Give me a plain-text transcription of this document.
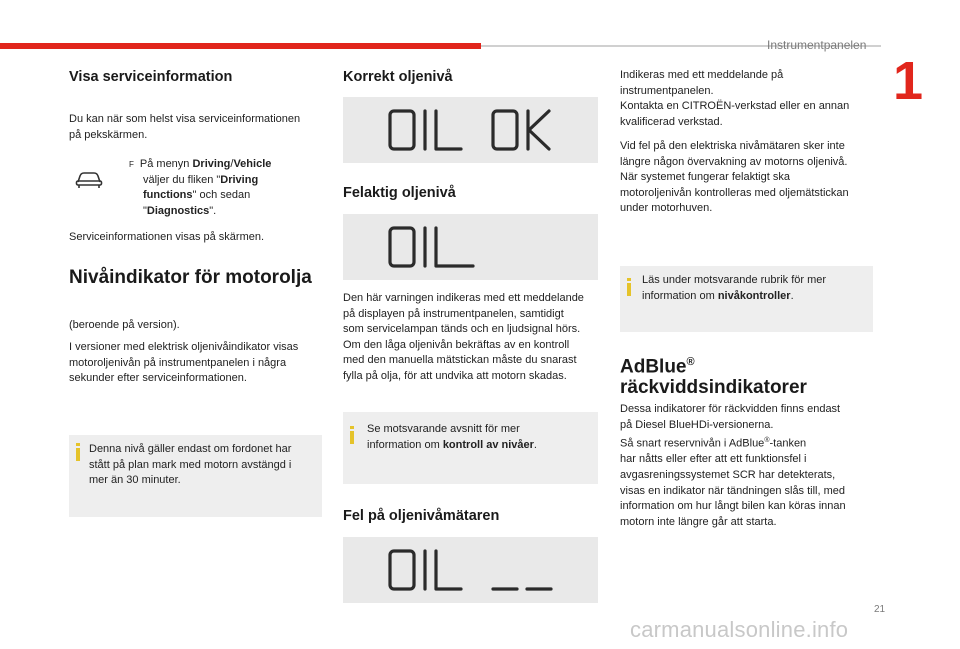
Instrumentpanelen
1
Visa serviceinformation
Du kan när som helst visa serviceinformationen
på pekskärmen.
F På menyn Driving/Vehicle
väljer du fliken "Driving
functions" och sedan
"Diagnostics".
Serviceinformationen visas på skärmen.
Nivåindikator för motorolja
(beroende på version).
I versioner med elektrisk oljenivåindikator visas
motoroljenivån på instrumentpanelen i några
sekunder efter serviceinformationen.
Denna nivå gäller endast om fordonet har
stått på plan mark med motorn avstängd i
mer än 30 minuter.
Korrekt oljenivå
Felaktig oljenivå
Den här varningen indikeras med ett meddelande
på displayen på instrumentpanelen, samtidigt
som servicelampan tänds och en ljudsignal hörs.
Om den låga oljenivån bekräftas av en kontroll
med den manuella mätstickan måste du snarast
fylla på olja, för att undvika att motorn skadas.
Se motsvarande avsnitt för mer
information om kontroll av nivåer.
Fel på oljenivåmätaren
Indikeras med ett meddelande på
instrumentpanelen.
Kontakta en CITROËN-verkstad eller en annan
kvalificerad verkstad.
Vid fel på den elektriska nivåmätaren sker inte
längre någon övervakning av motorns oljenivå.
När systemet fungerar felaktigt ska
motoroljenivån kontrolleras med oljemätstickan
under motorhuven.
Läs under motsvarande rubrik för mer
information om nivåkontroller.
AdBlue®
räckviddsindikatorer
Dessa indikatorer för räckvidden finns endast
på Diesel BlueHDi-versionerna.
Så snart reservnivån i AdBlue®-tanken
har nåtts eller efter att ett funktionsfel i
avgasreningssystemet SCR har detekterats,
visas en indikator när tändningen slås till, med
information om hur långt bilen kan köras innan
motorn inte längre går att starta.
21
carmanualsonline.info
